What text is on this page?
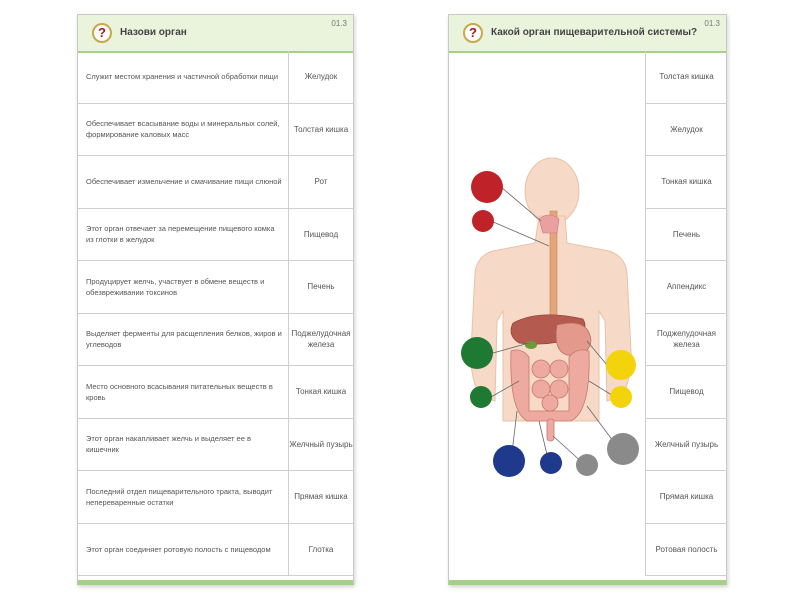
?	Назови орган
01.3
Служит местом хранения и частичной обработки пищи	Желудок
Обеспечивает всасывание воды и минеральных солей, формирование каловых масс	Толстая кишка
Обеспечивает измельчение и смачивание пищи слюной	Рот
Этот орган отвечает за перемещение пищевого комка из глотки в желудок	Пищевод
Продуцирует желчь, участвует в обмене веществ и обезвреживании токсинов	Печень
Выделяет ферменты для расщепления белков, жиров и углеводов	Поджелудочная железа
Место основного всасывания питательных веществ в кровь	Тонкая кишка
Этот орган накапливает желчь и выделяет ее в кишечник	Желчный пузырь
Последний отдел пищеварительного тракта, выводит непереваренные остатки	Прямая кишка
Этот орган соединяет ротовую полость с пищеводом	Глотка
?	Какой орган пищеварительной системы?
01.3
Толстая кишка
Желудок
Тонкая кишка
Печень
Аппендикс
Поджелудочная железа
Пищевод
Желчный пузырь
Прямая кишка
Ротовая полость
